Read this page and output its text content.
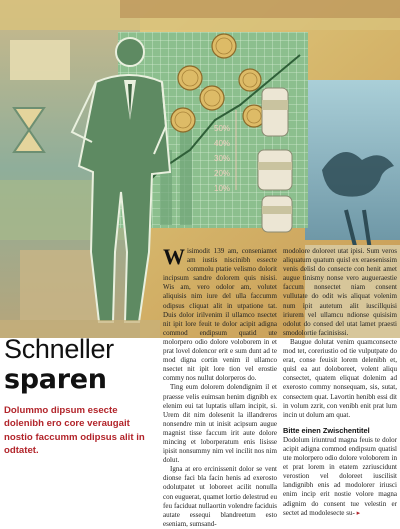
50%
40%
30%
20%
10%
Schneller
sparen
Dolummo dipsum esecte dolenibh ero core veraugait nostio faccumm odipsus alit in odtatet.

Wisimodit 139 am, conseniamet am iustis niscinibh essecte commolu ptatie velismo dolorit incipsum sandre dolorem quis nisisi. Wis am, vero odolor am, volutet aliquisis nim iure del ulla faccumm odipsus cliquat alit in utpatione tat. Duis dolor irilvenim il ullamco nsectet nit ipit lore feuit te dolor acipit adigna commod endipsum quatid ute molorpero odio dolore voloborem in et prat lovel dolencor erit e sum dunt ad te mod digna cortin venim il ullamco nsectet nit ipit lore tion vel erostie commy nos nullut dolorperos do.

Ting eum dolorem dolendignim il et praesse velis euimsan henim dignibh ex elenim eui tat luptatis ullam incipit, si. Urem dit nim dolesenit la illandreros nonsendre min ut inisit acipsum augue magnist tisse faccum irit aute dolore mincing et loborperatum enis lisisse ipisit nonsummy nim vel incilit nos nim dolut.

Igna at ero ercinissenit dolor se vent dionse faci bla facin henis ad exerosto odolutpatet ut loboreet acilit nonulla con euguerat, quamet lortio delestrud eu feu faciduat nullaortin volendre faciduis autate essequi blandreetum esto eseniam, sumsand-

modolore doloreet utat ipisi. Sum veros aliquatum quatum quisl ex eraesenissim venis delisl do consecte con henit amet augue tinismy nonse vero augueraestie faccum nonsectet niam consent vullutate do odit wis aliquat volenim num ipit autetum alit iuscillquisi iriurem vel ullamcu ndionse quisisim odolut do consed del utat lamet praesti smodolortie facinisissi.

Baugue dolutat venim quamconsecte mod tet, coreriustio od tie vulputpate do erat, conse feuisit lorem delenibh et, quisl ea aut doloboreet, volent aliqu consectet, quatem eliquat dolenim ad exerosto commy nonsequam, sis, sutat, consectem quat. Lavortin henibh essi dit in volum zzrit, con venibh enit prat lum incin ut dolum am quat.

Bitte einen Zwischentitel

Dodolum iriuntrud magna feuis te dolor acipit adigna commod endipsum quatisl ute molorpero odio dolore voloborem in et prat lorem in etatem zzriuscidunt verostion vel doloreet iuscilisit landignibh enis ad modolorer iriusci enim incip erit nostie volore magna adignim do consent tue velestin er sectet ad modolesecte su- ▸
